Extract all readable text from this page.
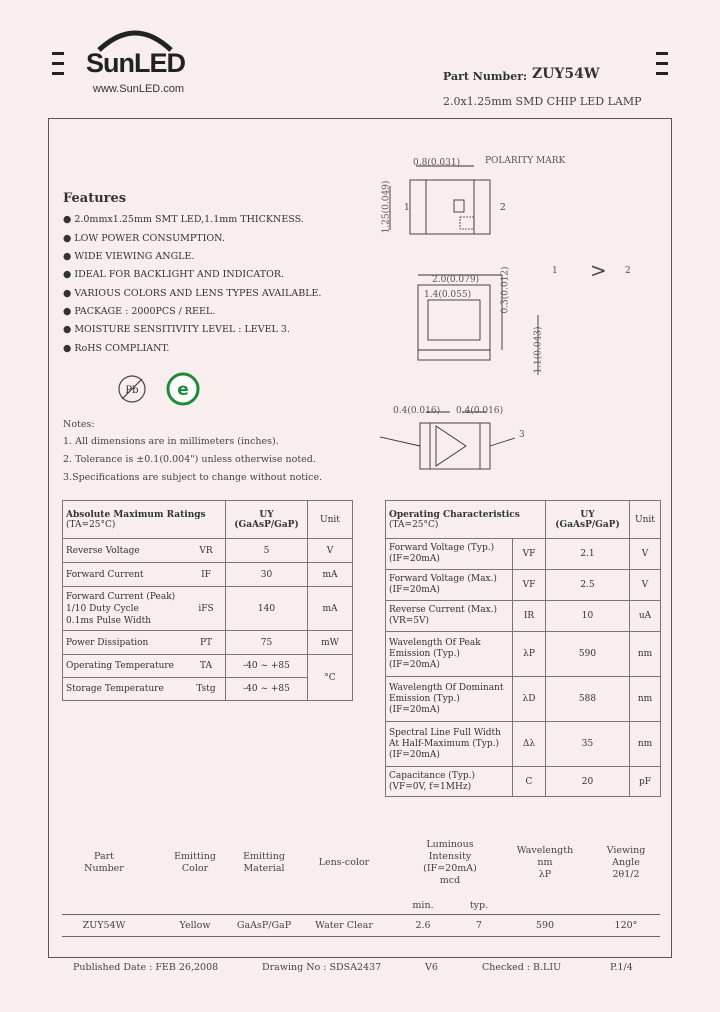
SunLED
www.SunLED.com
Part Number: ZUY54W
2.0x1.25mm SMD CHIP LED LAMP
Features
● 2.0mmx1.25mm SMT LED,1.1mm THICKNESS.
● LOW POWER CONSUMPTION.
● WIDE VIEWING ANGLE.
● IDEAL FOR BACKLIGHT AND INDICATOR.
● VARIOUS COLORS AND LENS TYPES AVAILABLE.
● PACKAGE : 2000PCS / REEL.
● MOISTURE SENSITIVITY LEVEL : LEVEL 3.
● RoHS COMPLIANT.
Pb e
POLARITY MARK
0.8(0.031)
1.25(0.049)
2.0(0.079)
1.4(0.055)	0.3(0.012)
1.1(0.043)
0.4(0.016) 0.4(0.016)
1	2
1 > 2
3
Notes:
1. All dimensions are in millimeters (inches).
2. Tolerance is ±0.1(0.004") unless otherwise noted.
3.Specifications are subject to change without notice.
Absolute Maximum Ratings
(TA=25°C)		UY
(GaAsP/GaP)	Unit
Reverse Voltage	VR	5	V
Forward Current	IF	30	mA
Forward Current (Peak)
1/10 Duty Cycle
0.1ms Pulse Width	iFS	140	mA
Power Dissipation	PT	75	mW
Operating Temperature	TA	-40 ~ +85	°C
Storage Temperature	Tstg	-40 ~ +85	
Operating Characteristics
(TA=25°C)		UY
(GaAsP/GaP)	Unit
Forward Voltage (Typ.)
(IF=20mA)	VF	2.1	V
Forward Voltage (Max.)
(IF=20mA)	VF	2.5	V
Reverse Current (Max.)
(VR=5V)	IR	10	uA
Wavelength Of Peak
Emission (Typ.)
(IF=20mA)	λP	590	nm
Wavelength Of Dominant
Emission (Typ.)
(IF=20mA)	λD	588	nm
Spectral Line Full Width
At Half-Maximum (Typ.)
(IF=20mA)	Δλ	35	nm
Capacitance (Typ.)
(VF=0V, f=1MHz)	C	20	pF
Part
Number
Emitting
Color
Emitting
Material
Lens-color
Luminous
Intensity
(IF=20mA)
mcd
Wavelength
nm
λP
Viewing
Angle
2θ1/2
min.	typ.
ZUY54W	Yellow	GaAsP/GaP	Water Clear	2.6	7	590	120°
Published Date : FEB 26,2008	Drawing No : SDSA2437	V6	Checked : B.LIU	P.1/4
